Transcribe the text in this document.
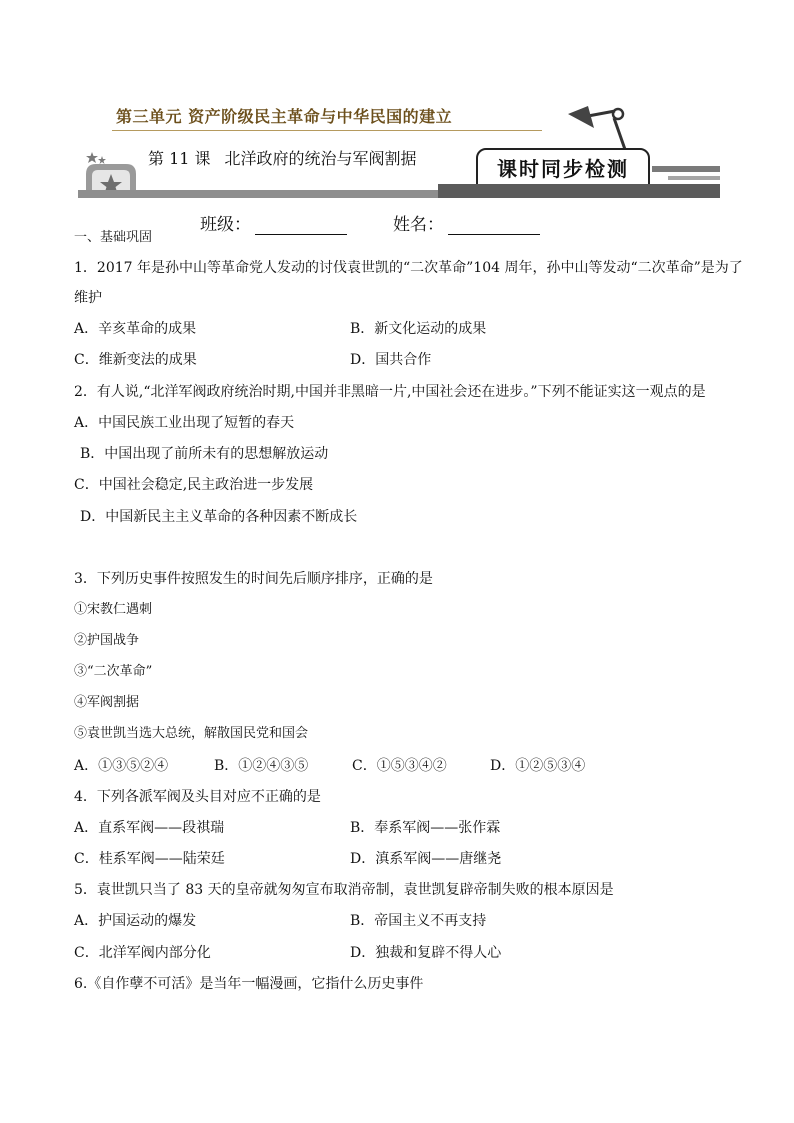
第三单元 资产阶级民主革命与中华民国的建立
第 11 课 北洋政府的统治与军阀割据	课时同步检测
班级：	姓名：
一、基础巩固
1．2017 年是孙中山等革命党人发动的讨伐袁世凯的“二次革命”104 周年，孙中山等发动“二次革命”是为了
维护
A．辛亥革命的成果	B．新文化运动的成果
C．维新变法的成果	D．国共合作
2．有人说,“北洋军阀政府统治时期,中国并非黑暗一片,中国社会还在进步。”下列不能证实这一观点的是
A．中国民族工业出现了短暂的春天
B．中国出现了前所未有的思想解放运动
C．中国社会稳定,民主政治进一步发展
D．中国新民主主义革命的各种因素不断成长
3．下列历史事件按照发生的时间先后顺序排序，正确的是
①宋教仁遇刺
②护国战争
③“二次革命”
④军阀割据
⑤袁世凯当选大总统，解散国民党和国会
A．①③⑤②④	B．①②④③⑤	C．①⑤③④②	D．①②⑤③④
4．下列各派军阀及头目对应不正确的是
A．直系军阀——段祺瑞	B．奉系军阀——张作霖
C．桂系军阀——陆荣廷	D．滇系军阀——唐继尧
5．袁世凯只当了 83 天的皇帝就匆匆宣布取消帝制，袁世凯复辟帝制失败的根本原因是
A．护国运动的爆发	B．帝国主义不再支持
C．北洋军阀内部分化	D．独裁和复辟不得人心
6.《自作孽不可活》是当年一幅漫画，它指什么历史事件
